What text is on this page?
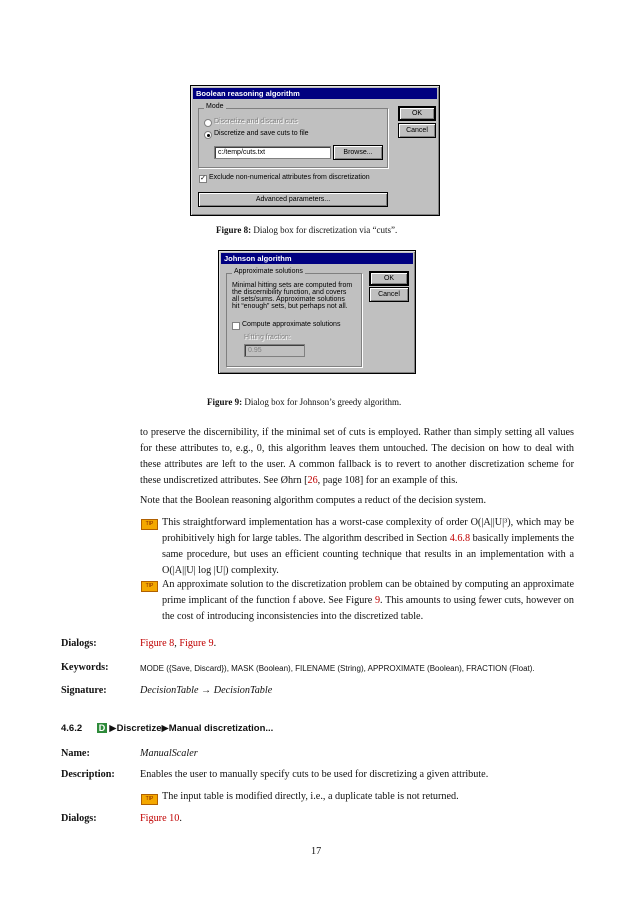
Boolean reasoning algorithm
Mode
Discretize and discard cuts
Discretize and save cuts to file
c:/temp/cuts.txt	Browse...
✓ Exclude non-numerical attributes from discretization
Advanced parameters...
OK
Cancel
Figure 8: Dialog box for discretization via “cuts”.
Johnson algorithm
Approximate solutions
Minimal hitting sets are computed from
the discernibility function, and covers
all sets/sums. Approximate solutions
hit “enough” sets, but perhaps not all.
Compute approximate solutions
Hitting fraction:
0.95
OK
Cancel
Figure 9: Dialog box for Johnson’s greedy algorithm.
to preserve the discernibility, if the minimal set of cuts is employed. Rather than simply setting all values for these attributes to, e.g., 0, this algorithm leaves them untouched. The decision on how to deal with these attributes are left to the user. A common fallback is to revert to another discretization scheme for these undiscretized attributes. See Øhrn [26, page 108] for an example of this.
Note that the Boolean reasoning algorithm computes a reduct of the decision system.
TIP This straightforward implementation has a worst-case complexity of order O(|A||U|³), which may be prohibitively high for large tables. The algorithm described in Section 4.6.8 basically implements the same procedure, but uses an efficient counting technique that results in an implementation with a O(|A||U| log |U|) complexity.
TIP An approximate solution to the discretization problem can be obtained by computing an approximate prime implicant of the function f above. See Figure 9. This amounts to using fewer cuts, however on the cost of introducing inconsistencies into the discretized table.
Dialogs:	Figure 8, Figure 9.
Keywords:	MODE ({Save, Discard}), MASK (Boolean), FILENAME (String), APPROXIMATE (Boolean), FRACTION (Float).
Signature:	DecisionTable → DecisionTable
4.6.2 D ▶Discretize▶Manual discretization...
Name:	ManualScaler
Description: Enables the user to manually specify cuts to be used for discretizing a given attribute.
TIP The input table is modified directly, i.e., a duplicate table is not returned.
Dialogs:	Figure 10.
17
